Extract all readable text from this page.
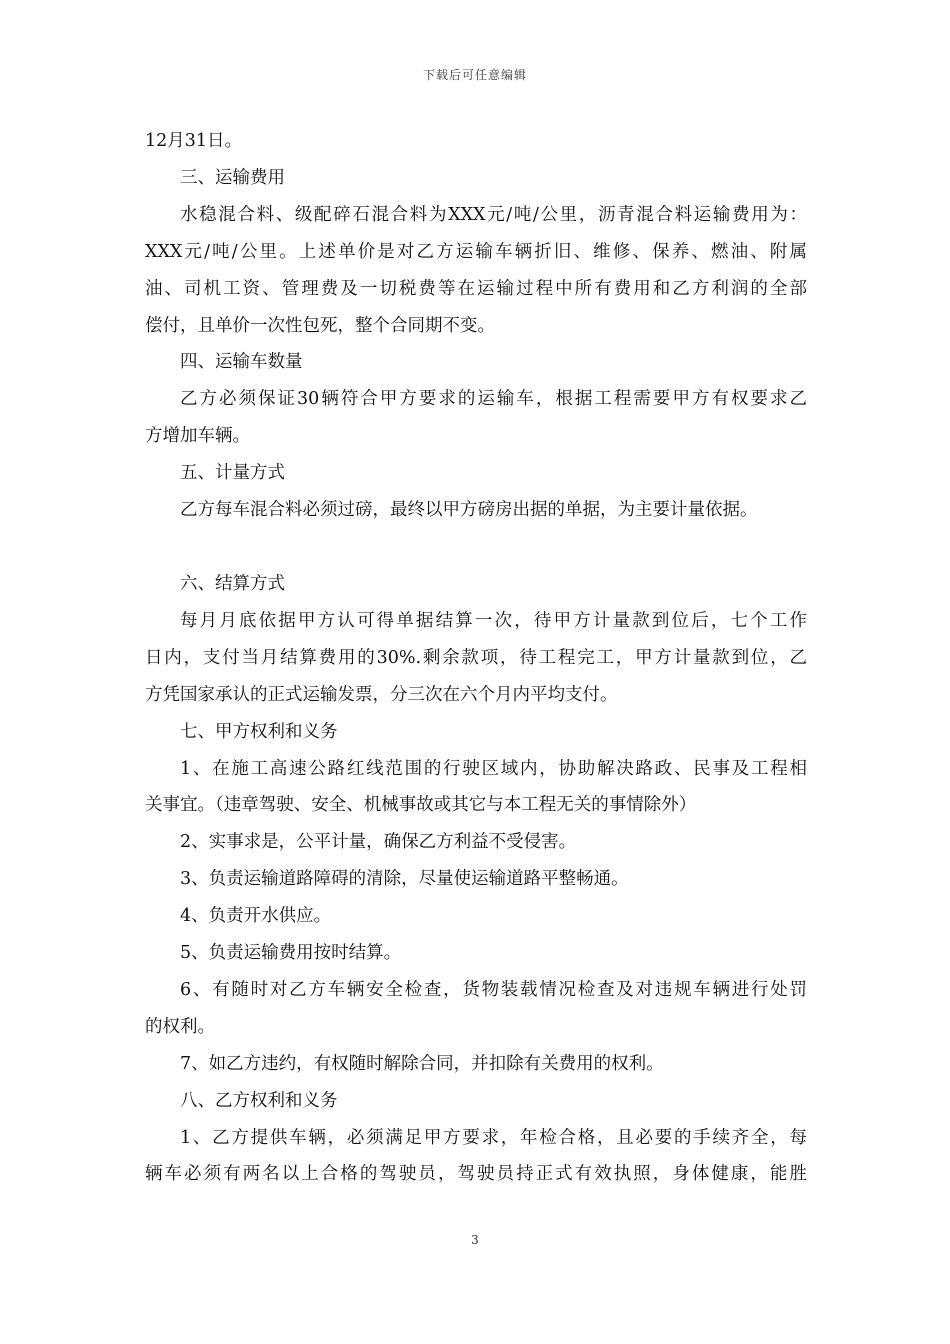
下载后可任意编辑
12月31日。
三、运输费用
水稳混合料、级配碎石混合料为XXX元/吨/公里，沥青混合料运输费用为：
XXX元/吨/公里。上述单价是对乙方运输车辆折旧、维修、保养、燃油、附属
油、司机工资、管理费及一切税费等在运输过程中所有费用和乙方利润的全部
偿付，且单价一次性包死，整个合同期不变。
四、运输车数量
乙方必须保证30辆符合甲方要求的运输车，根据工程需要甲方有权要求乙
方增加车辆。
五、计量方式
乙方每车混合料必须过磅，最终以甲方磅房出据的单据，为主要计量依据。
六、结算方式
每月月底依据甲方认可得单据结算一次，待甲方计量款到位后，七个工作
日内，支付当月结算费用的30%.剩余款项，待工程完工，甲方计量款到位，乙
方凭国家承认的正式运输发票，分三次在六个月内平均支付。
七、甲方权利和义务
1、在施工高速公路红线范围的行驶区域内，协助解决路政、民事及工程相
关事宜。（违章驾驶、安全、机械事故或其它与本工程无关的事情除外）
2、实事求是，公平计量，确保乙方利益不受侵害。
3、负责运输道路障碍的清除，尽量使运输道路平整畅通。
4、负责开水供应。
5、负责运输费用按时结算。
6、有随时对乙方车辆安全检查，货物装载情况检查及对违规车辆进行处罚
的权利。
7、如乙方违约，有权随时解除合同，并扣除有关费用的权利。
八、乙方权利和义务
1、乙方提供车辆，必须满足甲方要求，年检合格，且必要的手续齐全，每
辆车必须有两名以上合格的驾驶员，驾驶员持正式有效执照，身体健康，能胜
3
